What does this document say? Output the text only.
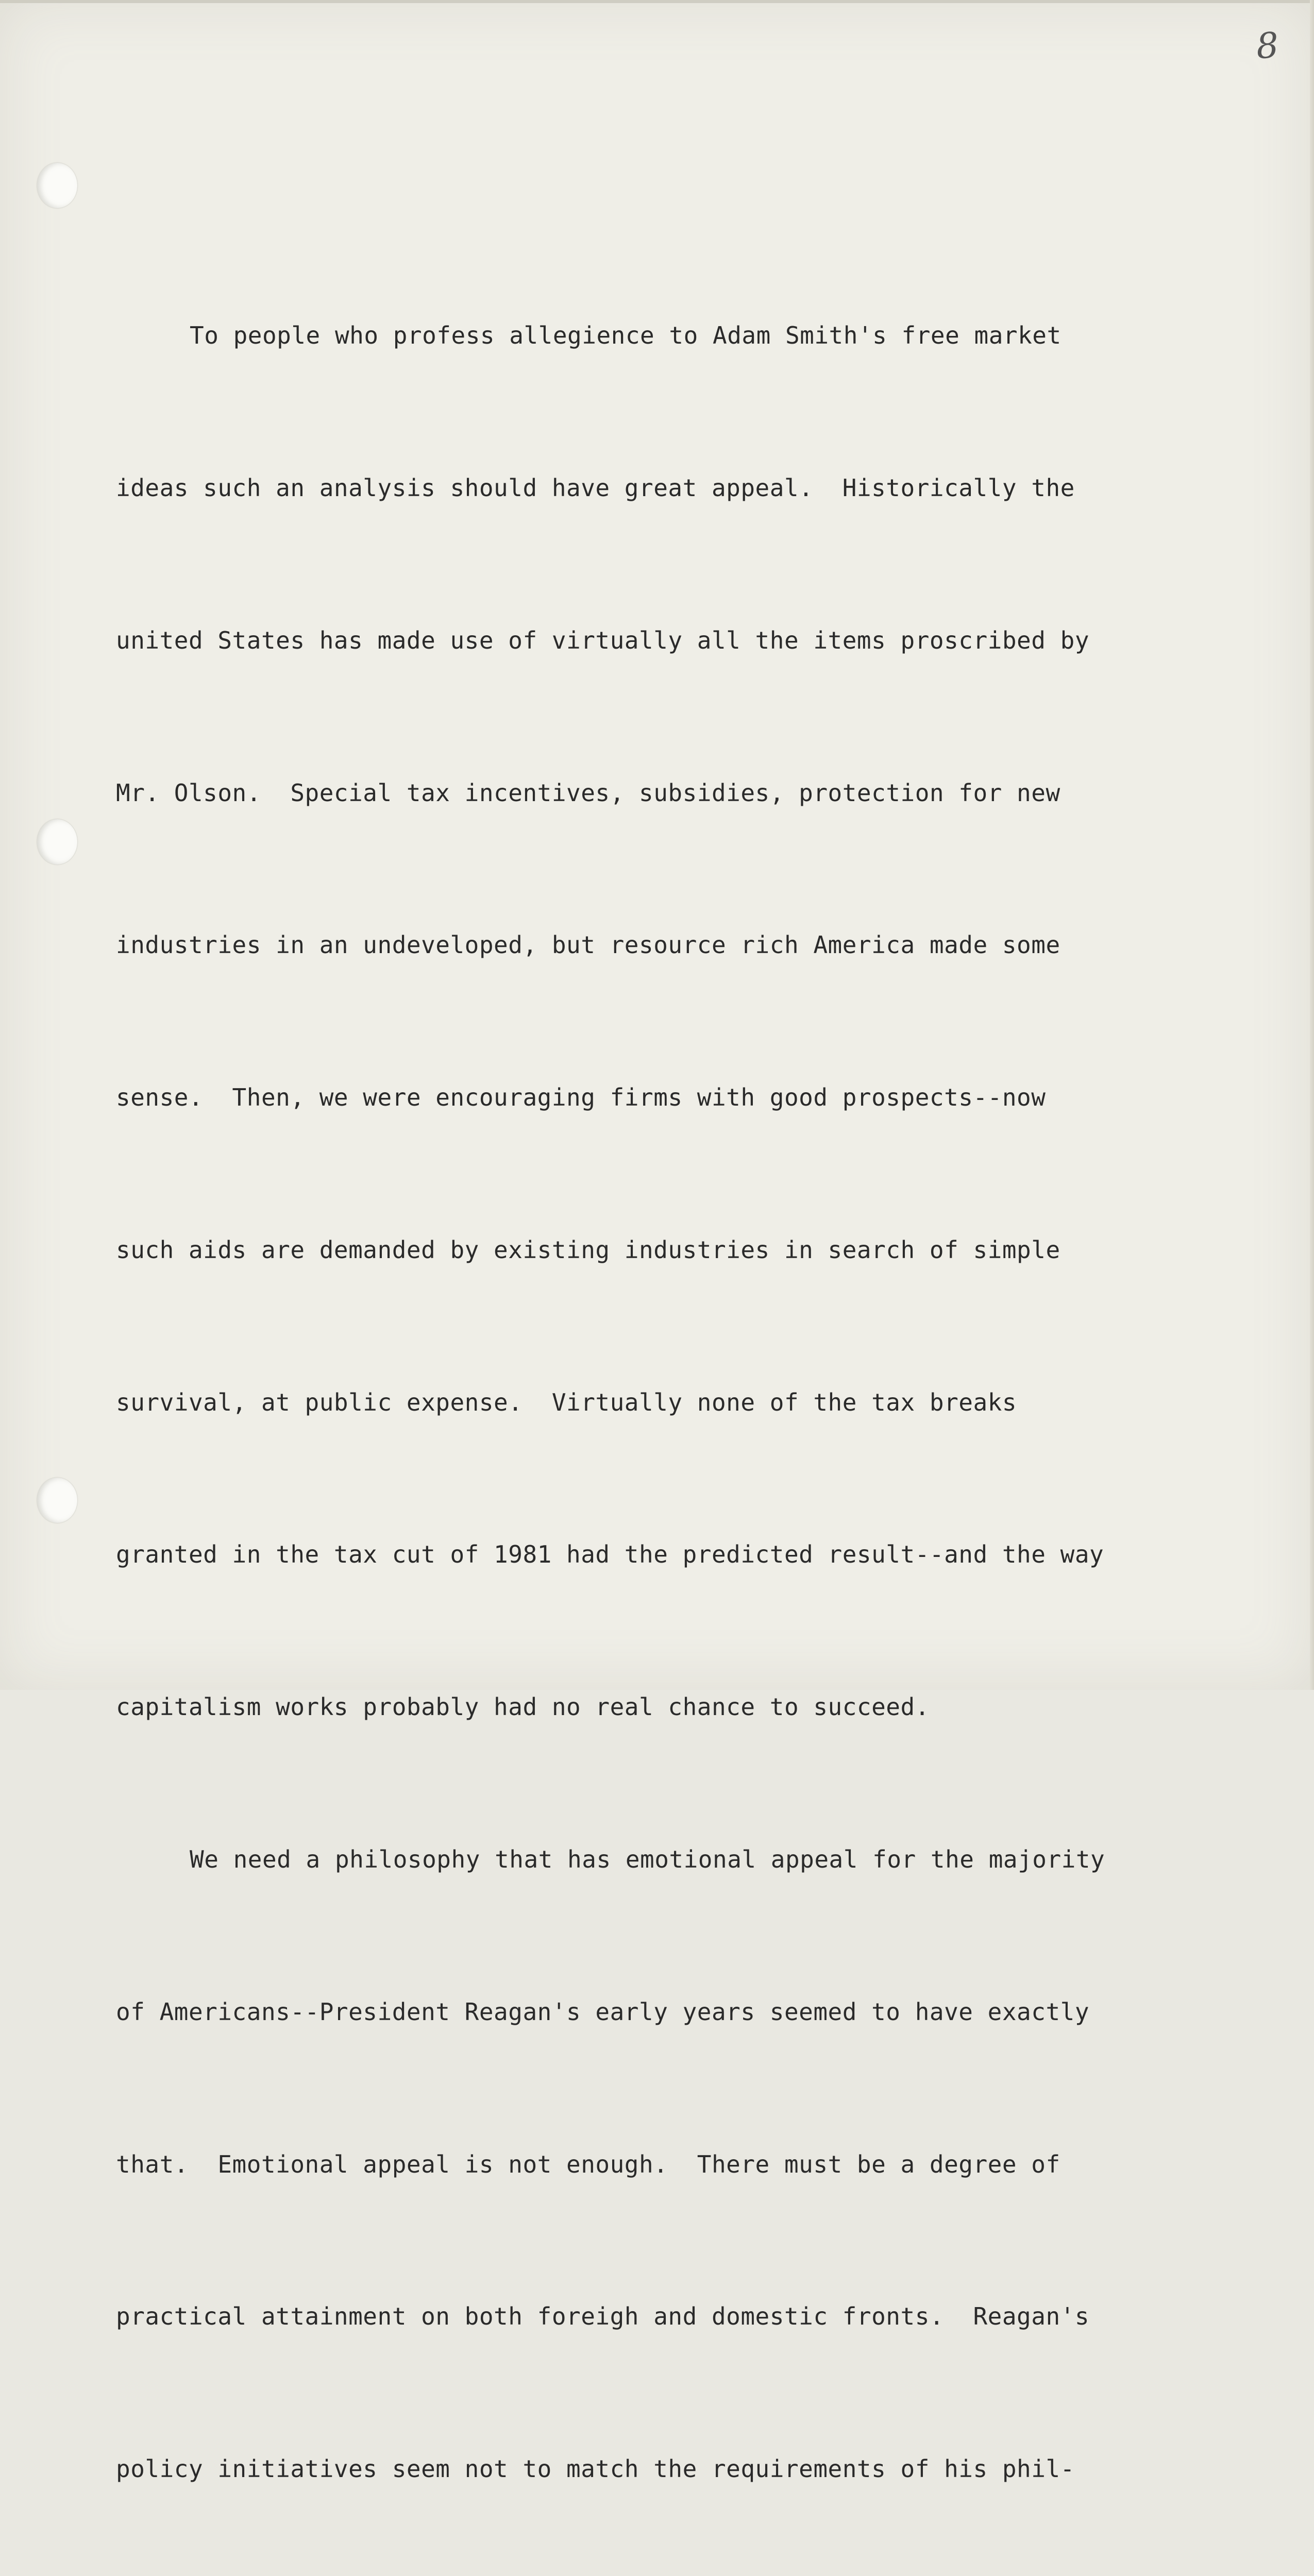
8

To people who profess allegience to Adam Smith's free market

ideas such an analysis should have great appeal.  Historically the

united States has made use of virtually all the items proscribed by

Mr. Olson.  Special tax incentives, subsidies, protection for new

industries in an undeveloped, but resource rich America made some

sense.  Then, we were encouraging firms with good prospects--now

such aids are demanded by existing industries in search of simple

survival, at public expense.  Virtually none of the tax breaks

granted in the tax cut of 1981 had the predicted result--and the way

capitalism works probably had no real chance to succeed.

We need a philosophy that has emotional appeal for the majority

of Americans--President Reagan's early years seemed to have exactly

that.  Emotional appeal is not enough.  There must be a degree of

practical attainment on both foreigh and domestic fronts.  Reagan's

policy initiatives seem not to match the requirements of his phil-
